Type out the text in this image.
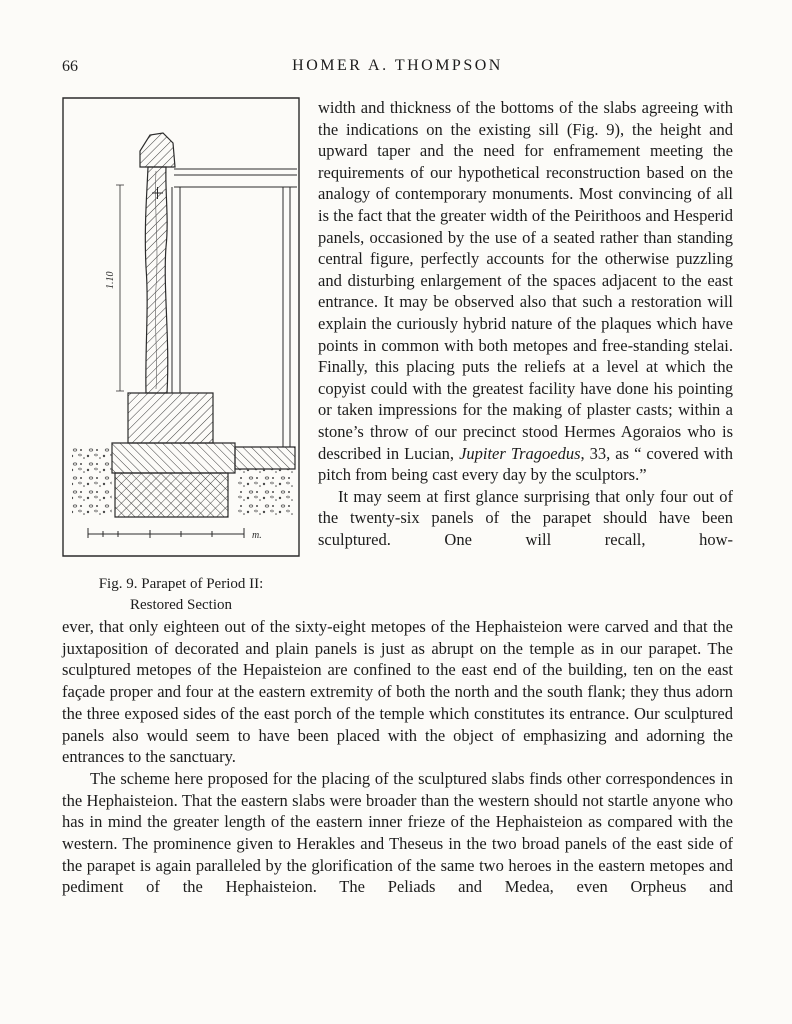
66	HOMER A. THOMPSON
1.10
m.
Fig. 9. Parapet of Period II:
Restored Section

width and thickness of the bottoms of the slabs agreeing with the indications on the existing sill (Fig. 9), the height and upward taper and the need for enframement meeting the requirements of our hypothetical reconstruction based on the analogy of contemporary monuments. Most convincing of all is the fact that the greater width of the Peirithoos and Hesperid panels, occasioned by the use of a seated rather than standing central figure, perfectly accounts for the otherwise puzzling and disturbing enlargement of the spaces adjacent to the east entrance. It may be observed also that such a restoration will explain the curiously hybrid nature of the plaques which have points in common with both metopes and free-standing stelai. Finally, this placing puts the reliefs at a level at which the copyist could with the greatest facility have done his pointing or taken impressions for the making of plaster casts; within a stone’s throw of our precinct stood Hermes Agoraios who is described in Lucian, Jupiter Tragoedus, 33, as “ covered with pitch from being cast every day by the sculptors.”

It may seem at first glance surprising that only four out of the twenty-six panels of the parapet should have been sculptured. One will recall, how-

ever, that only eighteen out of the sixty-eight metopes of the Hephaisteion were carved and that the juxtaposition of decorated and plain panels is just as abrupt on the temple as in our parapet. The sculptured metopes of the Hepaisteion are confined to the east end of the building, ten on the east façade proper and four at the eastern extremity of both the north and the south flank; they thus adorn the three exposed sides of the east porch of the temple which constitutes its entrance. Our sculptured panels also would seem to have been placed with the object of emphasizing and adorning the entrances to the sanctuary.

The scheme here proposed for the placing of the sculptured slabs finds other correspondences in the Hephaisteion. That the eastern slabs were broader than the western should not startle anyone who has in mind the greater length of the eastern inner frieze of the Hephaisteion as compared with the western. The prominence given to Herakles and Theseus in the two broad panels of the east side of the parapet is again paralleled by the glorification of the same two heroes in the eastern metopes and pediment of the Hephaisteion. The Peliads and Medea, even Orpheus and
